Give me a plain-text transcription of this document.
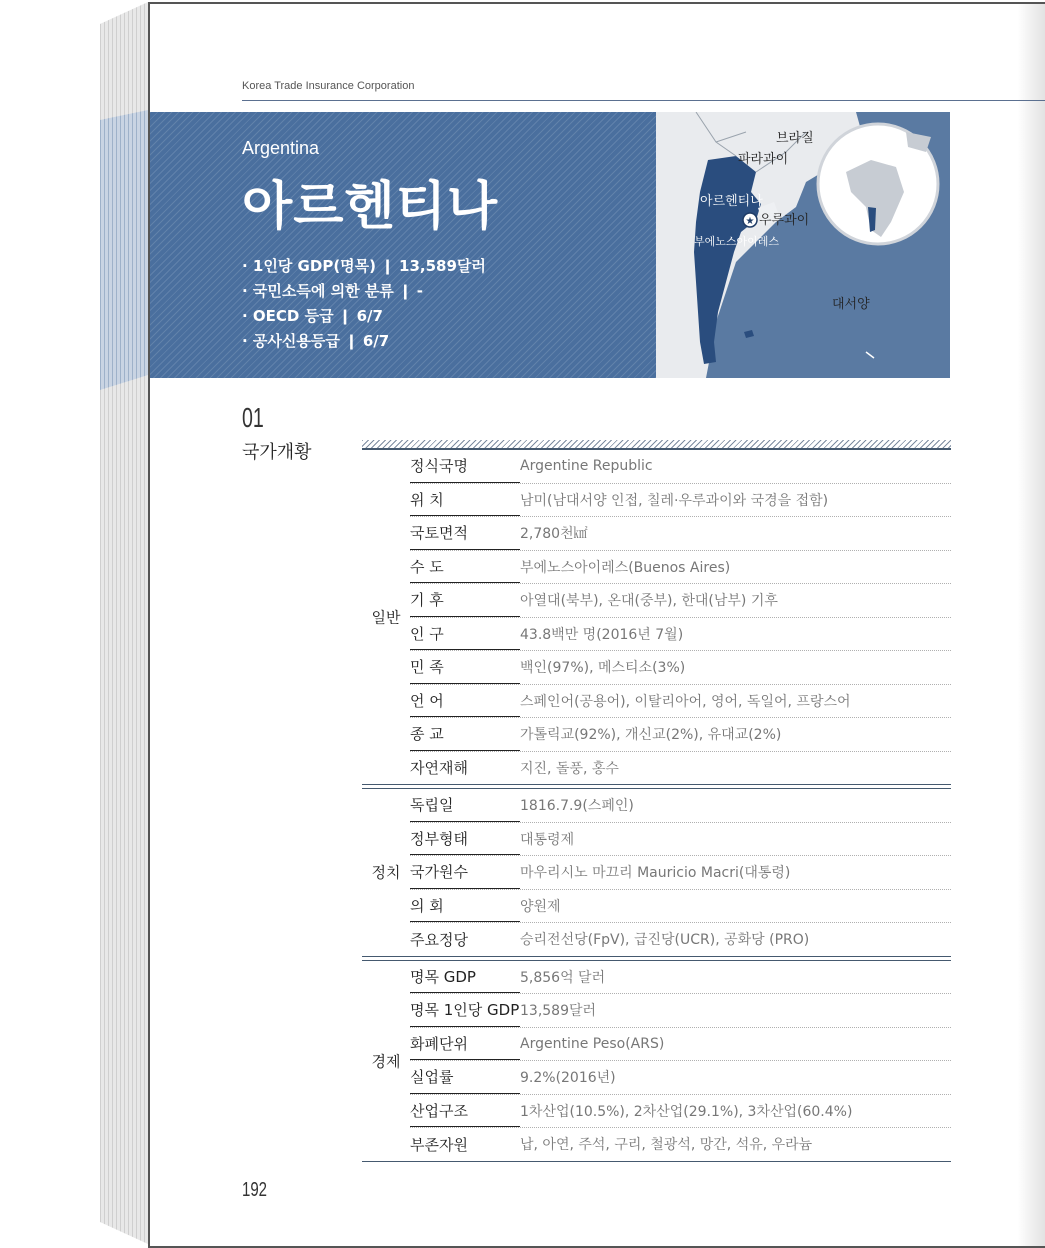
Korea Trade Insurance Corporation
Argentina
아르헨티나
· 1인당 GDP(명목) ❙ 13,589달러
· 국민소득에 의한 분류 ❙ -
· OECD 등급 ❙ 6/7
· 공사신용등급 ❙ 6/7
★
브라질
파라과이
아르헨티나
우루과이
부에노스아이레스
대서양
01
국가개황
일반
정식국명	Argentine Republic
위 치	남미(남대서양 인접, 칠레·우루과이와 국경을 접함)
국토면적	2,780천㎢
수 도	부에노스아이레스(Buenos Aires)
기 후	아열대(북부), 온대(중부), 한대(남부) 기후
인 구	43.8백만 명(2016년 7월)
민 족	백인(97%), 메스티소(3%)
언 어	스페인어(공용어), 이탈리아어, 영어, 독일어, 프랑스어
종 교	가톨릭교(92%), 개신교(2%), 유대교(2%)
자연재해	지진, 돌풍, 홍수
정치
독립일	1816.7.9(스페인)
정부형태	대통령제
국가원수	마우리시노 마끄리 Mauricio Macri(대통령)
의 회	양원제
주요정당	승리전선당(FpV), 급진당(UCR), 공화당 (PRO)
경제
명목 GDP	5,856억 달러
명목 1인당 GDP 13,589달러
화폐단위	Argentine Peso(ARS)
실업률	9.2%(2016년)
산업구조	1차산업(10.5%), 2차산업(29.1%), 3차산업(60.4%)
부존자원	납, 아연, 주석, 구리, 철광석, 망간, 석유, 우라늄
192
